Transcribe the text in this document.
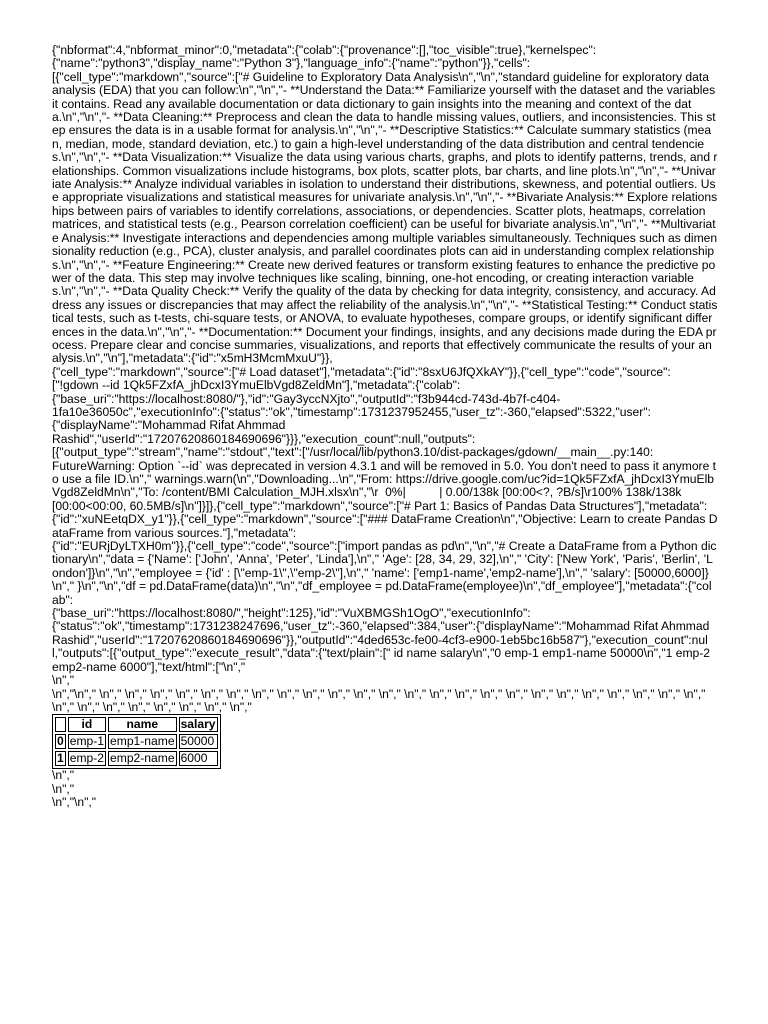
{"nbformat":4,"nbformat_minor":0,"metadata":{"colab":{"provenance":[],"toc_visible":true},"kernelspec":
{"name":"python3","display_name":"Python 3"},"language_info":{"name":"python"}},"cells":
[{"cell_type":"markdown","source":["# Guideline to Exploratory Data Analysis\n","\n","standard guideline for exploratory data analysis (EDA) that you can follow:\n","\n","- **Understand the Data:** Familiarize yourself with the dataset and the variables it contains. Read any available documentation or data dictionary to gain insights into the meaning and context of the data.\n","\n","- **Data Cleaning:** Preprocess and clean the data to handle missing values, outliers, and inconsistencies. This step ensures the data is in a usable format for analysis.\n","\n","- **Descriptive Statistics:** Calculate summary statistics (mean, median, mode, standard deviation, etc.) to gain a high-level understanding of the data distribution and central tendencies.\n","\n","- **Data Visualization:** Visualize the data using various charts, graphs, and plots to identify patterns, trends, and relationships. Common visualizations include histograms, box plots, scatter plots, bar charts, and line plots.\n","\n","- **Univariate Analysis:** Analyze individual variables in isolation to understand their distributions, skewness, and potential outliers. Use appropriate visualizations and statistical measures for univariate analysis.\n","\n","- **Bivariate Analysis:** Explore relationships between pairs of variables to identify correlations, associations, or dependencies. Scatter plots, heatmaps, correlation matrices, and statistical tests (e.g., Pearson correlation coefficient) can be useful for bivariate analysis.\n","\n","- **Multivariate Analysis:** Investigate interactions and dependencies among multiple variables simultaneously. Techniques such as dimensionality reduction (e.g., PCA), cluster analysis, and parallel coordinates plots can aid in understanding complex relationships.\n","\n","- **Feature Engineering:** Create new derived features or transform existing features to enhance the predictive power of the data. This step may involve techniques like scaling, binning, one-hot encoding, or creating interaction variables.\n","\n","- **Data Quality Check:** Verify the quality of the data by checking for data integrity, consistency, and accuracy. Address any issues or discrepancies that may affect the reliability of the analysis.\n","\n","- **Statistical Testing:** Conduct statistical tests, such as t-tests, chi-square tests, or ANOVA, to evaluate hypotheses, compare groups, or identify significant differences in the data.\n","\n","- **Documentation:** Document your findings, insights, and any decisions made during the EDA process. Prepare clear and concise summaries, visualizations, and reports that effectively communicate the results of your analysis.\n","\n"],"metadata":{"id":"x5mH3McmMxuU"}},
{"cell_type":"markdown","source":["# Load dataset"],"metadata":{"id":"8sxU6JfQXkAY"}},{"cell_type":"code","source":
["!gdown --id 1Qk5FZxfA_jhDcxI3YmuElbVgd8ZeldMn"],"metadata":{"colab":
{"base_uri":"https://localhost:8080/"},"id":"Gay3yccNXjto","outputId":"f3b944cd-743d-4b7f-c404-
1fa10e36050c","executionInfo":{"status":"ok","timestamp":1731237952455,"user_tz":-360,"elapsed":5322,"user":
{"displayName":"Mohammad Rifat Ahmmad
Rashid","userId":"17207620860184690696"}}},"execution_count":null,"outputs":
[{"output_type":"stream","name":"stdout","text":["/usr/local/lib/python3.10/dist-packages/gdown/__main__.py:140:
FutureWarning: Option `--id` was deprecated in version 4.3.1 and will be removed in 5.0. You don't need to pass it anymore to use a file ID.\n"," warnings.warn(\n","Downloading...\n","From: https://drive.google.com/uc?id=1Qk5FZxfA_jhDcxI3YmuElbVgd8ZeldMn\n","To: /content/BMI Calculation_MJH.xlsx\n","\r  0%|          | 0.00/138k [00:00<?, ?B/s]\r100% 138k/138k
[00:00<00:00, 60.5MB/s]\n"]}]},{"cell_type":"markdown","source":["# Part 1: Basics of Pandas Data Structures"],"metadata":{"id":"xuNEetqDX_y1"}},{"cell_type":"markdown","source":["### DataFrame Creation\n","Objective: Learn to create Pandas DataFrame from various sources."],"metadata":
{"id":"EURjDyLTXH0m"}},{"cell_type":"code","source":["import pandas as pd\n","\n","# Create a DataFrame from a Python dictionary\n","data = {'Name': ['John', 'Anna', 'Peter', 'Linda'],\n"," 'Age': [28, 34, 29, 32],\n"," 'City': ['New York', 'Paris', 'Berlin', 'London']}\n","\n","employee = {'id' : [\"emp-1\",\"emp-2\"],\n"," 'name': ['emp1-name','emp2-name'],\n"," 'salary': [50000,6000]}\n"," }\n","\n","df = pd.DataFrame(data)\n","\n","df_employee = pd.DataFrame(employee)\n","df_employee"],"metadata":{"colab":
{"base_uri":"https://localhost:8080/","height":125},"id":"VuXBMGSh1OgO","executionInfo":
{"status":"ok","timestamp":1731238247696,"user_tz":-360,"elapsed":384,"user":{"displayName":"Mohammad Rifat Ahmmad Rashid","userId":"17207620860184690696"}},"outputId":"4ded653c-fe00-4cf3-e900-1eb5bc16b587"},"execution_count":null,"outputs":[{"output_type":"execute_result","data":{"text/plain":[" id name salary\n","0 emp-1 emp1-name 50000\n","1 emp-2 emp2-name 6000"],"text/html":["\n","
\n","
\n","\n"," \n"," \n"," \n"," \n"," \n"," \n"," \n"," \n"," \n"," \n"," \n"," \n"," \n"," \n"," \n"," \n"," \n"," \n"," \n"," \n"," \n"," \n"," \n"," \n"," \n"," \n"," \n"," \n"," \n"," \n"," \n"," \n","
	id	name	salary
0	emp-1	emp1-name	50000
1	emp-2	emp2-name	6000
\n","
\n","
\n","\n","
